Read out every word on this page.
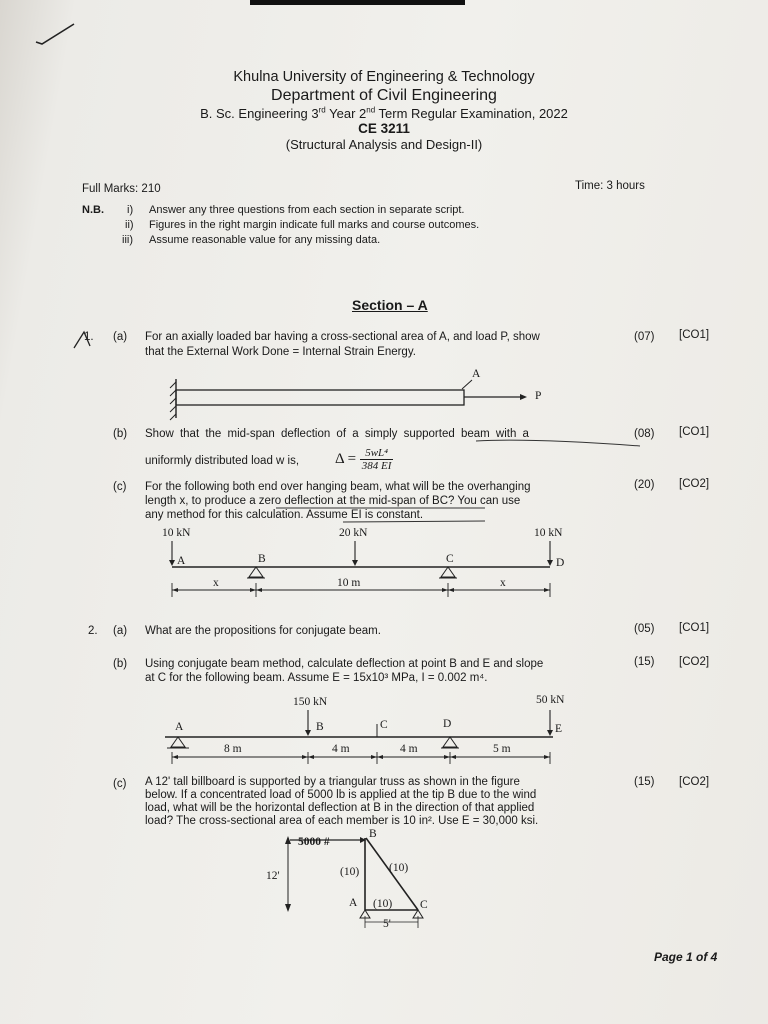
Khulna University of Engineering & Technology
Department of Civil Engineering
B. Sc. Engineering 3rd Year 2nd Term Regular Examination, 2022
CE 3211
(Structural Analysis and Design-II)
Full Marks: 210	Time: 3 hours
N.B. i) Answer any three questions from each section in separate script.
ii) Figures in the right margin indicate full marks and course outcomes.
iii) Assume reasonable value for any missing data.
Section – A
1. (a) For an axially loaded bar having a cross-sectional area of A, and load P, show
that the External Work Done = Internal Strain Energy.
(07) [CO1]
A
P
(b) Show that the mid-span deflection of a simply supported beam with a	(08) [CO1]
uniformly distributed load w is, $\Delta = \frac{\text{5wL⁴}}{384 EI}$
(c) For the following both end over hanging beam, what will be the overhanging
length x, to produce a zero deflection at the mid-span of BC? You can use
any method for this calculation. Assume EI is constant.
(20) [CO2]
10 kN	20 kN	10 kN
A	B	C	D
x	10 m	x
2. (a) What are the propositions for conjugate beam.	(05) [CO1]
(b) Using conjugate beam method, calculate deflection at point B and E and slope
at C for the following beam. Assume E = 15x10³ MPa, I = 0.002 m⁴.
(15) [CO2]
150 kN	50 kN
A	B	C	D	E
8 m	4 m	4 m	5 m
(c) A 12' tall billboard is supported by a triangular truss as shown in the figure
below. If a concentrated load of 5000 lb is applied at the tip B due to the wind
load, what will be the horizontal deflection at B in the direction of that applied
load? The cross-sectional area of each member is 10 in². Use E = 30,000 ksi.
(15) [CO2]
5000 #
12'
5'
B
A	C
(10)	(10)
(10)
Page 1 of 4
